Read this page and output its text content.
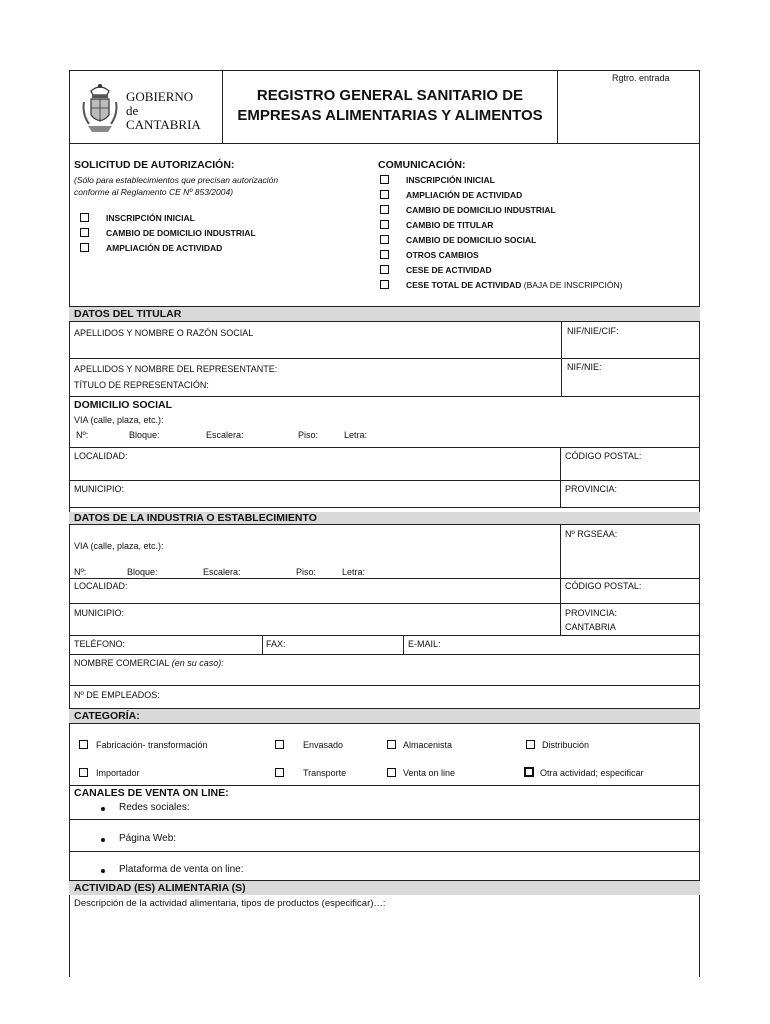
GOBIERNO
de
CANTABRIA
REGISTRO GENERAL SANITARIO DE
EMPRESAS ALIMENTARIAS Y ALIMENTOS
Rgtro. entrada
SOLICITUD DE AUTORIZACIÓN:
(Sólo para establecimientos que precisan autorización
conforme al Reglamento CE Nº 853/2004)
INSCRIPCIÓN INICIAL
CAMBIO DE DOMICILIO INDUSTRIAL
AMPLIACIÓN DE ACTIVIDAD
COMUNICACIÓN:
INSCRIPCIÓN INICIAL
AMPLIACIÓN DE ACTIVIDAD
CAMBIO DE DOMICILIO INDUSTRIAL
CAMBIO DE TITULAR
CAMBIO DE DOMICILIO SOCIAL
OTROS CAMBIOS
CESE DE ACTIVIDAD
CESE TOTAL DE ACTIVIDAD (BAJA DE INSCRIPCIÓN)
DATOS DEL TITULAR
APELLIDOS Y NOMBRE O RAZÓN SOCIAL	NIF/NIE/CIF:
APELLIDOS Y NOMBRE DEL REPRESENTANTE:	NIF/NIE:
TÍTULO DE REPRESENTACIÓN:
DOMICILIO SOCIAL
VIA (calle, plaza, etc.):
Nº:	Bloque:	Escalera:	Piso:	Letra:
LOCALIDAD:	CÓDIGO POSTAL:
MUNICIPIO:	PROVINCIA:
DATOS DE LA INDUSTRIA O ESTABLECIMIENTO
Nº RGSEAA:
VIA (calle, plaza, etc.):
Nº:	Bloque:	Escalera:	Piso:	Letra:
LOCALIDAD:	CÓDIGO POSTAL:
MUNICIPIO:	PROVINCIA:
CANTABRIA
TELÉFONO:	FAX:	E-MAIL:
NOMBRE COMERCIAL (en su caso):
Nº DE EMPLEADOS:
CATEGORÍA:
Fabricación- transformación	Envasado	Almacenista	Distribución
Importador	Transporte	Venta on line	Otra actividad; especificar
CANALES DE VENTA ON LINE:
Redes sociales:
Página Web:
Plataforma de venta on line:
ACTIVIDAD (ES) ALIMENTARIA (S)
Descripción de la actividad alimentaria, tipos de productos (especificar)…:
